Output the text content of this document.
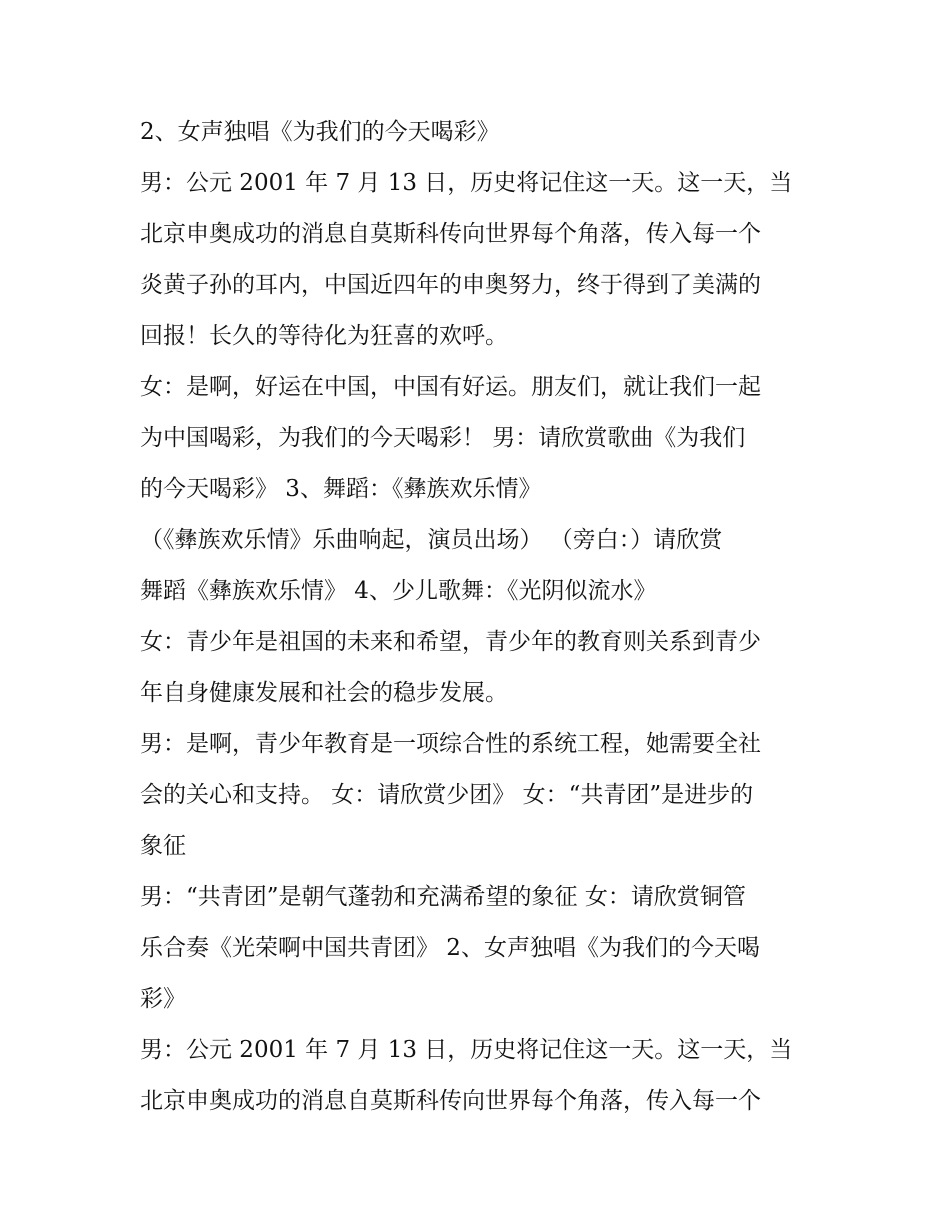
2、女声独唱《为我们的今天喝彩》
男：公元 2001 年 7 月 13 日，历史将记住这一天。这一天，当
北京申奥成功的消息自莫斯科传向世界每个角落，传入每一个
炎黄子孙的耳内，中国近四年的申奥努力，终于得到了美满的
回报！长久的等待化为狂喜的欢呼。
女：是啊，好运在中国，中国有好运。朋友们，就让我们一起
为中国喝彩，为我们的今天喝彩！ 男：请欣赏歌曲《为我们
的今天喝彩》 3、舞蹈：《彝族欢乐情》
（《彝族欢乐情》乐曲响起，演员出场） （旁白：）请欣赏
舞蹈《彝族欢乐情》 4、少儿歌舞：《光阴似流水》
女：青少年是祖国的未来和希望，青少年的教育则关系到青少
年自身健康发展和社会的稳步发展。
男：是啊，青少年教育是一项综合性的系统工程，她需要全社
会的关心和支持。 女：请欣赏少团》 女：“共青团”是进步的
象征
男：“共青团”是朝气蓬勃和充满希望的象征 女：请欣赏铜管
乐合奏《光荣啊中国共青团》 2、女声独唱《为我们的今天喝
彩》
男：公元 2001 年 7 月 13 日，历史将记住这一天。这一天，当
北京申奥成功的消息自莫斯科传向世界每个角落，传入每一个
